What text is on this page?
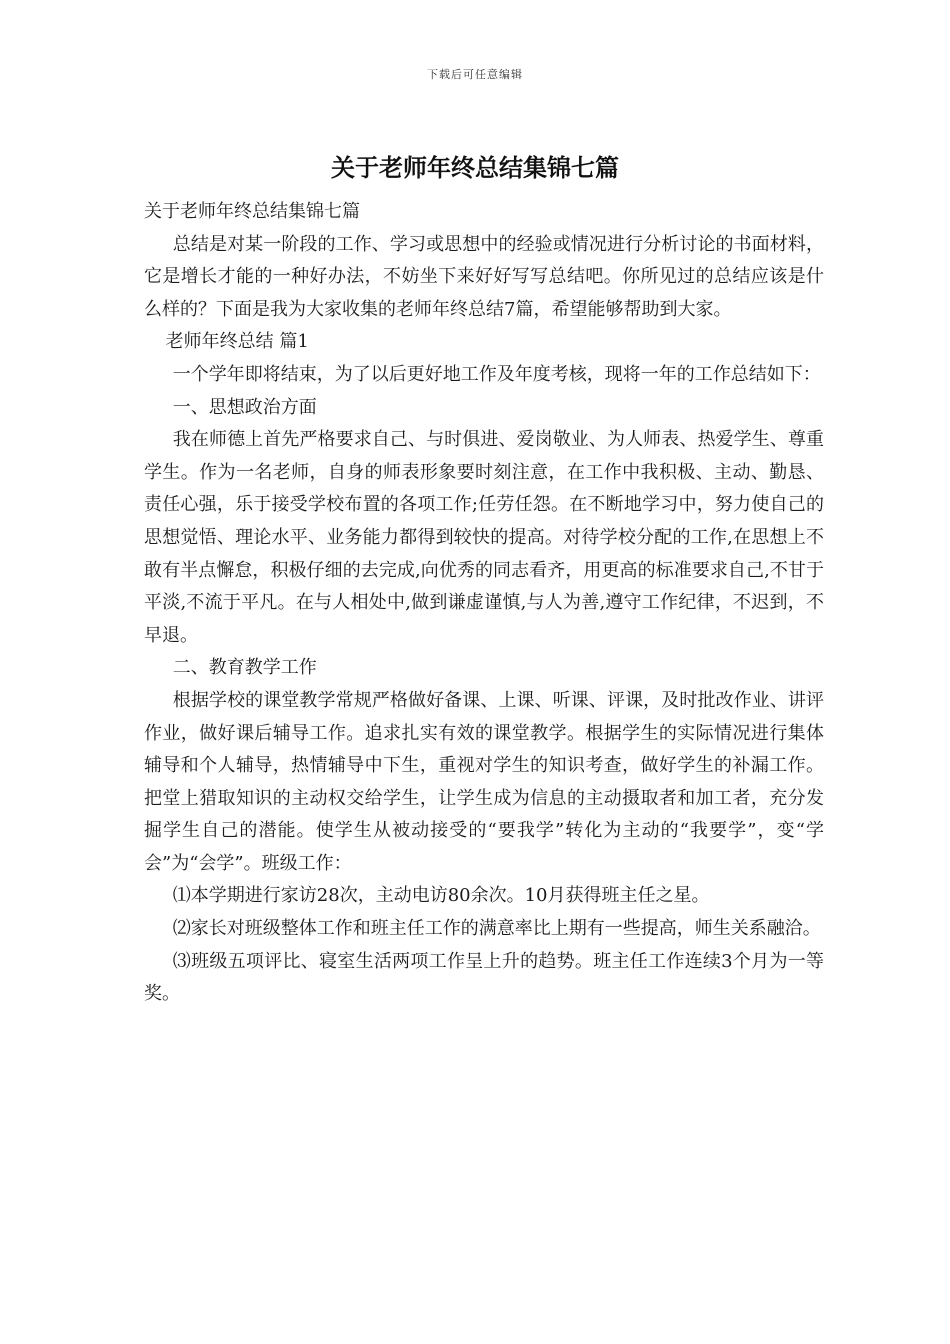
下载后可任意编辑
关于老师年终总结集锦七篇

关于老师年终总结集锦七篇

总结是对某一阶段的工作、学习或思想中的经验或情况进行分析讨论的书面材料，它是增长才能的一种好办法，不妨坐下来好好写写总结吧。你所见过的总结应该是什么样的？下面是我为大家收集的老师年终总结7篇，希望能够帮助到大家。

老师年终总结 篇1

一个学年即将结束，为了以后更好地工作及年度考核，现将一年的工作总结如下：

一、思想政治方面

我在师德上首先严格要求自己、与时俱进、爱岗敬业、为人师表、热爱学生、尊重学生。作为一名老师，自身的师表形象要时刻注意，在工作中我积极、主动、勤恳、责任心强，乐于接受学校布置的各项工作;任劳任怨。在不断地学习中，努力使自己的思想觉悟、理论水平、业务能力都得到较快的提高。对待学校分配的工作,在思想上不敢有半点懈怠，积极仔细的去完成,向优秀的同志看齐，用更高的标准要求自己,不甘于平淡,不流于平凡。在与人相处中,做到谦虚谨慎,与人为善,遵守工作纪律，不迟到，不早退。

二、教育教学工作

根据学校的课堂教学常规严格做好备课、上课、听课、评课，及时批改作业、讲评作业，做好课后辅导工作。追求扎实有效的课堂教学。根据学生的实际情况进行集体辅导和个人辅导，热情辅导中下生，重视对学生的知识考查，做好学生的补漏工作。把堂上猎取知识的主动权交给学生，让学生成为信息的主动摄取者和加工者，充分发掘学生自己的潜能。使学生从被动接受的“要我学”转化为主动的“我要学”，变“学会”为“会学”。班级工作：

⑴本学期进行家访28次，主动电访80余次。10月获得班主任之星。

⑵家长对班级整体工作和班主任工作的满意率比上期有一些提高，师生关系融洽。

⑶班级五项评比、寝室生活两项工作呈上升的趋势。班主任工作连续3个月为一等奖。
